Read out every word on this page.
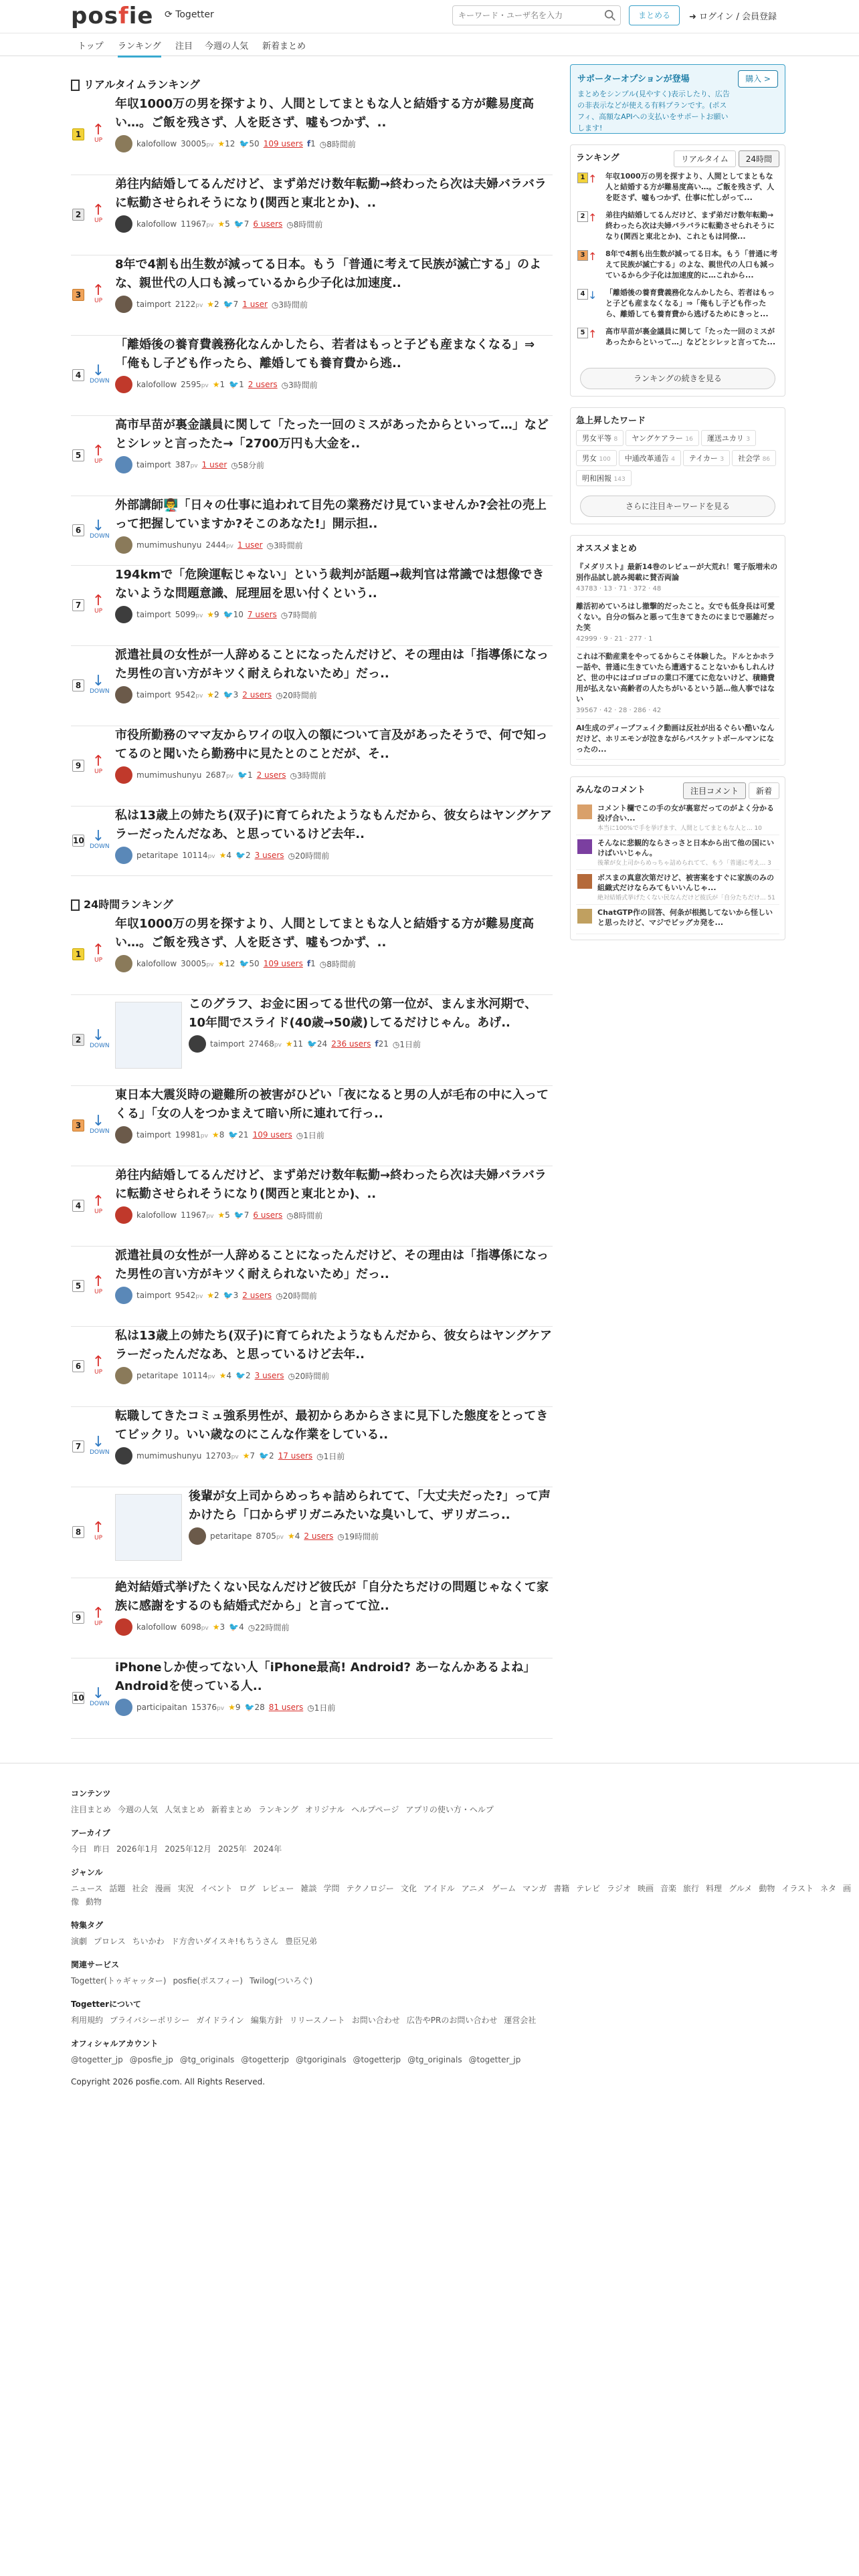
posfie ⟳ Togetter
キーワード・ユーザ名を入力	まとめる	➜ ログイン / 会員登録
トップ ランキング 注目 今週の人気 新着まとめ
リアルタイムランキング
1 ↑
UP
年収1000万の男を探すより、人間としてまともな人と結婚する方が難易度高い…。ご飯を残さず、人を貶さず、嘘もつかず、..
kalofollow 30005pv ★12 🐦50 109 users f1 ◷8時間前
2 ↑
UP
弟往内結婚してるんだけど、まず弟だけ数年転勤→終わったら次は夫婦バラバラに転勤させられそうになり(関西と東北とか)、..
kalofollow 11967pv ★5 🐦7 6 users ◷8時間前
3 ↑
UP
8年で4割も出生数が減ってる日本。もう「普通に考えて民族が滅亡する」のよな、親世代の人口も減っているから少子化は加速度..
taimport 2122pv ★2 🐦7 1 user ◷3時間前
4 ↓
DOWN
「離婚後の養育費義務化なんかしたら、若者はもっと子ども産まなくなる」⇒「俺もし子ども作ったら、離婚しても養育費から逃..
kalofollow 2595pv ★1 🐦1 2 users ◷3時間前
5 ↑
UP
高市早苗が裏金議員に関して「たった一回のミスがあったからといって…」などとシレッと言ったた→「2700万円も大金を..
taimport 387pv 1 user ◷58分前
6 ↓
DOWN
外部講師👨‍🏫「日々の仕事に追われて目先の業務だけ見ていませんか?会社の売上って把握していますか?そこのあなた!」開示担..
mumimushunyu 2444pv 1 user ◷3時間前
7 ↑
UP
194kmで「危険運転じゃない」という裁判が話題→裁判官は常識では想像できないような問題意識、屁理屈を思い付くという..
taimport 5099pv ★9 🐦10 7 users ◷7時間前
8 ↓
DOWN
派遣社員の女性が一人辞めることになったんだけど、その理由は「指導係になった男性の言い方がキツく耐えられないため」だっ..
taimport 9542pv ★2 🐦3 2 users ◷20時間前
9 ↑
UP
市役所勤務のママ友からワイの収入の額について言及があったそうで、何で知ってるのと聞いたら勤務中に見たとのことだが、そ..
mumimushunyu 2687pv 🐦1 2 users ◷3時間前
10 ↓
DOWN
私は13歳上の姉たち(双子)に育てられたようなもんだから、彼女らはヤングケアラーだったんだなあ、と思っているけど去年..
petaritape 10114pv ★4 🐦2 3 users ◷20時間前
24時間ランキング
1 ↑
UP
年収1000万の男を探すより、人間としてまともな人と結婚する方が難易度高い…。ご飯を残さず、人を貶さず、嘘もつかず、..
kalofollow 30005pv ★12 🐦50 109 users f1 ◷8時間前
2 ↓
DOWN
このグラフ、お金に困ってる世代の第一位が、まんま氷河期で、10年間でスライド(40歳→50歳)してるだけじゃん。あげ..
taimport 27468pv ★11 🐦24 236 users f21 ◷1日前
3 ↓
DOWN
東日本大震災時の避難所の被害がひどい「夜になると男の人が毛布の中に入ってくる」「女の人をつかまえて暗い所に連れて行っ..
taimport 19981pv ★8 🐦21 109 users ◷1日前
4 ↑
UP
弟往内結婚してるんだけど、まず弟だけ数年転勤→終わったら次は夫婦バラバラに転勤させられそうになり(関西と東北とか)、..
kalofollow 11967pv ★5 🐦7 6 users ◷8時間前
5 ↑
UP
派遣社員の女性が一人辞めることになったんだけど、その理由は「指導係になった男性の言い方がキツく耐えられないため」だっ..
taimport 9542pv ★2 🐦3 2 users ◷20時間前
6 ↑
UP
私は13歳上の姉たち(双子)に育てられたようなもんだから、彼女らはヤングケアラーだったんだなあ、と思っているけど去年..
petaritape 10114pv ★4 🐦2 3 users ◷20時間前
7 ↓
DOWN
転職してきたコミュ強系男性が、最初からあからさまに見下した態度をとってきてビックリ。いい歳なのにこんな作業をしている..
mumimushunyu 12703pv ★7 🐦2 17 users ◷1日前
8 ↑
UP
後輩が女上司からめっちゃ詰められてて、「大丈夫だった?」って声かけたら「口からザリガニみたいな臭いして、ザリガニっ..
petaritape 8705pv ★4 2 users ◷19時間前
9 ↑
UP
絶対結婚式挙げたくない民なんだけど彼氏が「自分たちだけの問題じゃなくて家族に感謝をするのも結婚式だから」と言ってて泣..
kalofollow 6098pv ★3 🐦4 ◷22時間前
10 ↓
DOWN
iPhoneしか使ってない人「iPhone最高! Android? あーなんかあるよね」Androidを使っている人..
participaitan 15376pv ★9 🐦28 81 users ◷1日前
サポーターオプションが登場
まとめをシンプル(見やすく)表示したり、広告の非表示などが使える有料プランです。(ポスフィ、高額なAPIへの支払いをサポートお願いします!
購入 >
ランキング	リアルタイム	24時間
1 ↑ 年収1000万の男を探すより、人間としてまともな人と結婚する方が難易度高い…。ご飯を残さず、人を貶さず、嘘もつかず、仕事に忙しがって...
2 ↑ 弟往内結婚してるんだけど、まず弟だけ数年転勤→終わったら次は夫婦バラバラに転勤させられそうになり(関西と東北とか)、これともは同僚...
3 ↑ 8年で4割も出生数が減ってる日本。もう「普通に考えて民族が滅亡する」のよな、親世代の人口も減っているから少子化は加速度的に…これから...
4 ↓ 「離婚後の養育費義務化なんかしたら、若者はもっと子ども産まなくなる」⇒「俺もし子ども作ったら、離婚しても養育費から逃げるためにきっと...
5 ↑ 高市早苗が裏金議員に関して「たった一回のミスがあったからといって…」などとシレッと言ってた...
ランキングの続きを見る
急上昇したワード
男女平等 8 ヤングケアラー 16 運送ユカリ 3男女 100 中通改革通告 4 テイカー 3 社会学 86明和困報 143
さらに注目キーワードを見る
オススメまとめ
『メダリスト』最新14巻のレビューが大荒れ！電子版増未の別作品試し読み掲載に賛否両論
43783 · 13 · 71 · 372 · 48
離活初めていろはし撤撃的だったこと。女でも低身長は可愛くない。自分の悩みと悪って生きてきたのにまじで悪雑だった笑
42999 · 9 · 21 · 277 · 1
これは不動産業をやってるからこそ体験した。ドルとかホラー話や、普通に生きていたら遭遇することないかもしれんけど、世の中にはゴロゴロの業口不運てに危ないけど、積籍費用が払えない高齢者の人たちがいるという話…他人事ではない
39567 · 42 · 28 · 286 · 42
AI生成のディープフェイク動画は反社が出るぐらい酷いなんだけど、ホリエモンが泣きながらバスケットボールマンになったの...
みんなのコメント	注目コメント	新着
コメント欄でこの手の女が裏窓だってのがよく分かる投げ合い...
本当に100%で手を挙げます、人間としてまともな人と... 10
そんなに悲観的ならさっさと日本から出て他の国にいけばいいじゃん。
後輩が女上司からめっちゃ詰められてて、もう「普通に考え... 3
ボスまの真意次第だけど、被害案をすぐに家族のみの組織式だけならみてもいいんじゃ...
絶対結婚式挙げたくない民なんだけど彼氏が「自分たちだけ... 51
ChatGTP作の回答、何条が根拠してないから怪しいと思ったけど、マジでビッグカ発を...
コンテンツ
注目まとめ 今週の人気 人気まとめ 新着まとめ ランキング オリジナル ヘルプページ アプリの使い方・ヘルプ
アーカイブ
今日 昨日 2026年1月 2025年12月 2025年 2024年
ジャンル
ニュース 話題 社会 漫画 実況 イベント ログ レビュー 雑談 学問 テクノロジー 文化 アイドル アニメ ゲーム マンガ 書籍 テレビ ラジオ 映画 音楽 旅行 料理 グルメ 動物 イラスト ネタ 画像 動物
特集タグ
演劇 プロレス ちいかわ ド方舎いダイスキ!もちうさん 豊臣兄弟
関連サービス
Togetter(トゥギャッター) posfie(ポスフィー) Twilog(ついろぐ)
Togetterについて
利用規約 プライバシーポリシー ガイドライン 編集方針 リリースノート お問い合わせ 広告やPRのお問い合わせ 運営会社
オフィシャルアカウント
@togetter_jp @posfie_jp @tg_originals @togetterjp @tgoriginals @togetterjp @tg_originals @togetter_jp
Copyright 2026 posfie.com. All Rights Reserved.
